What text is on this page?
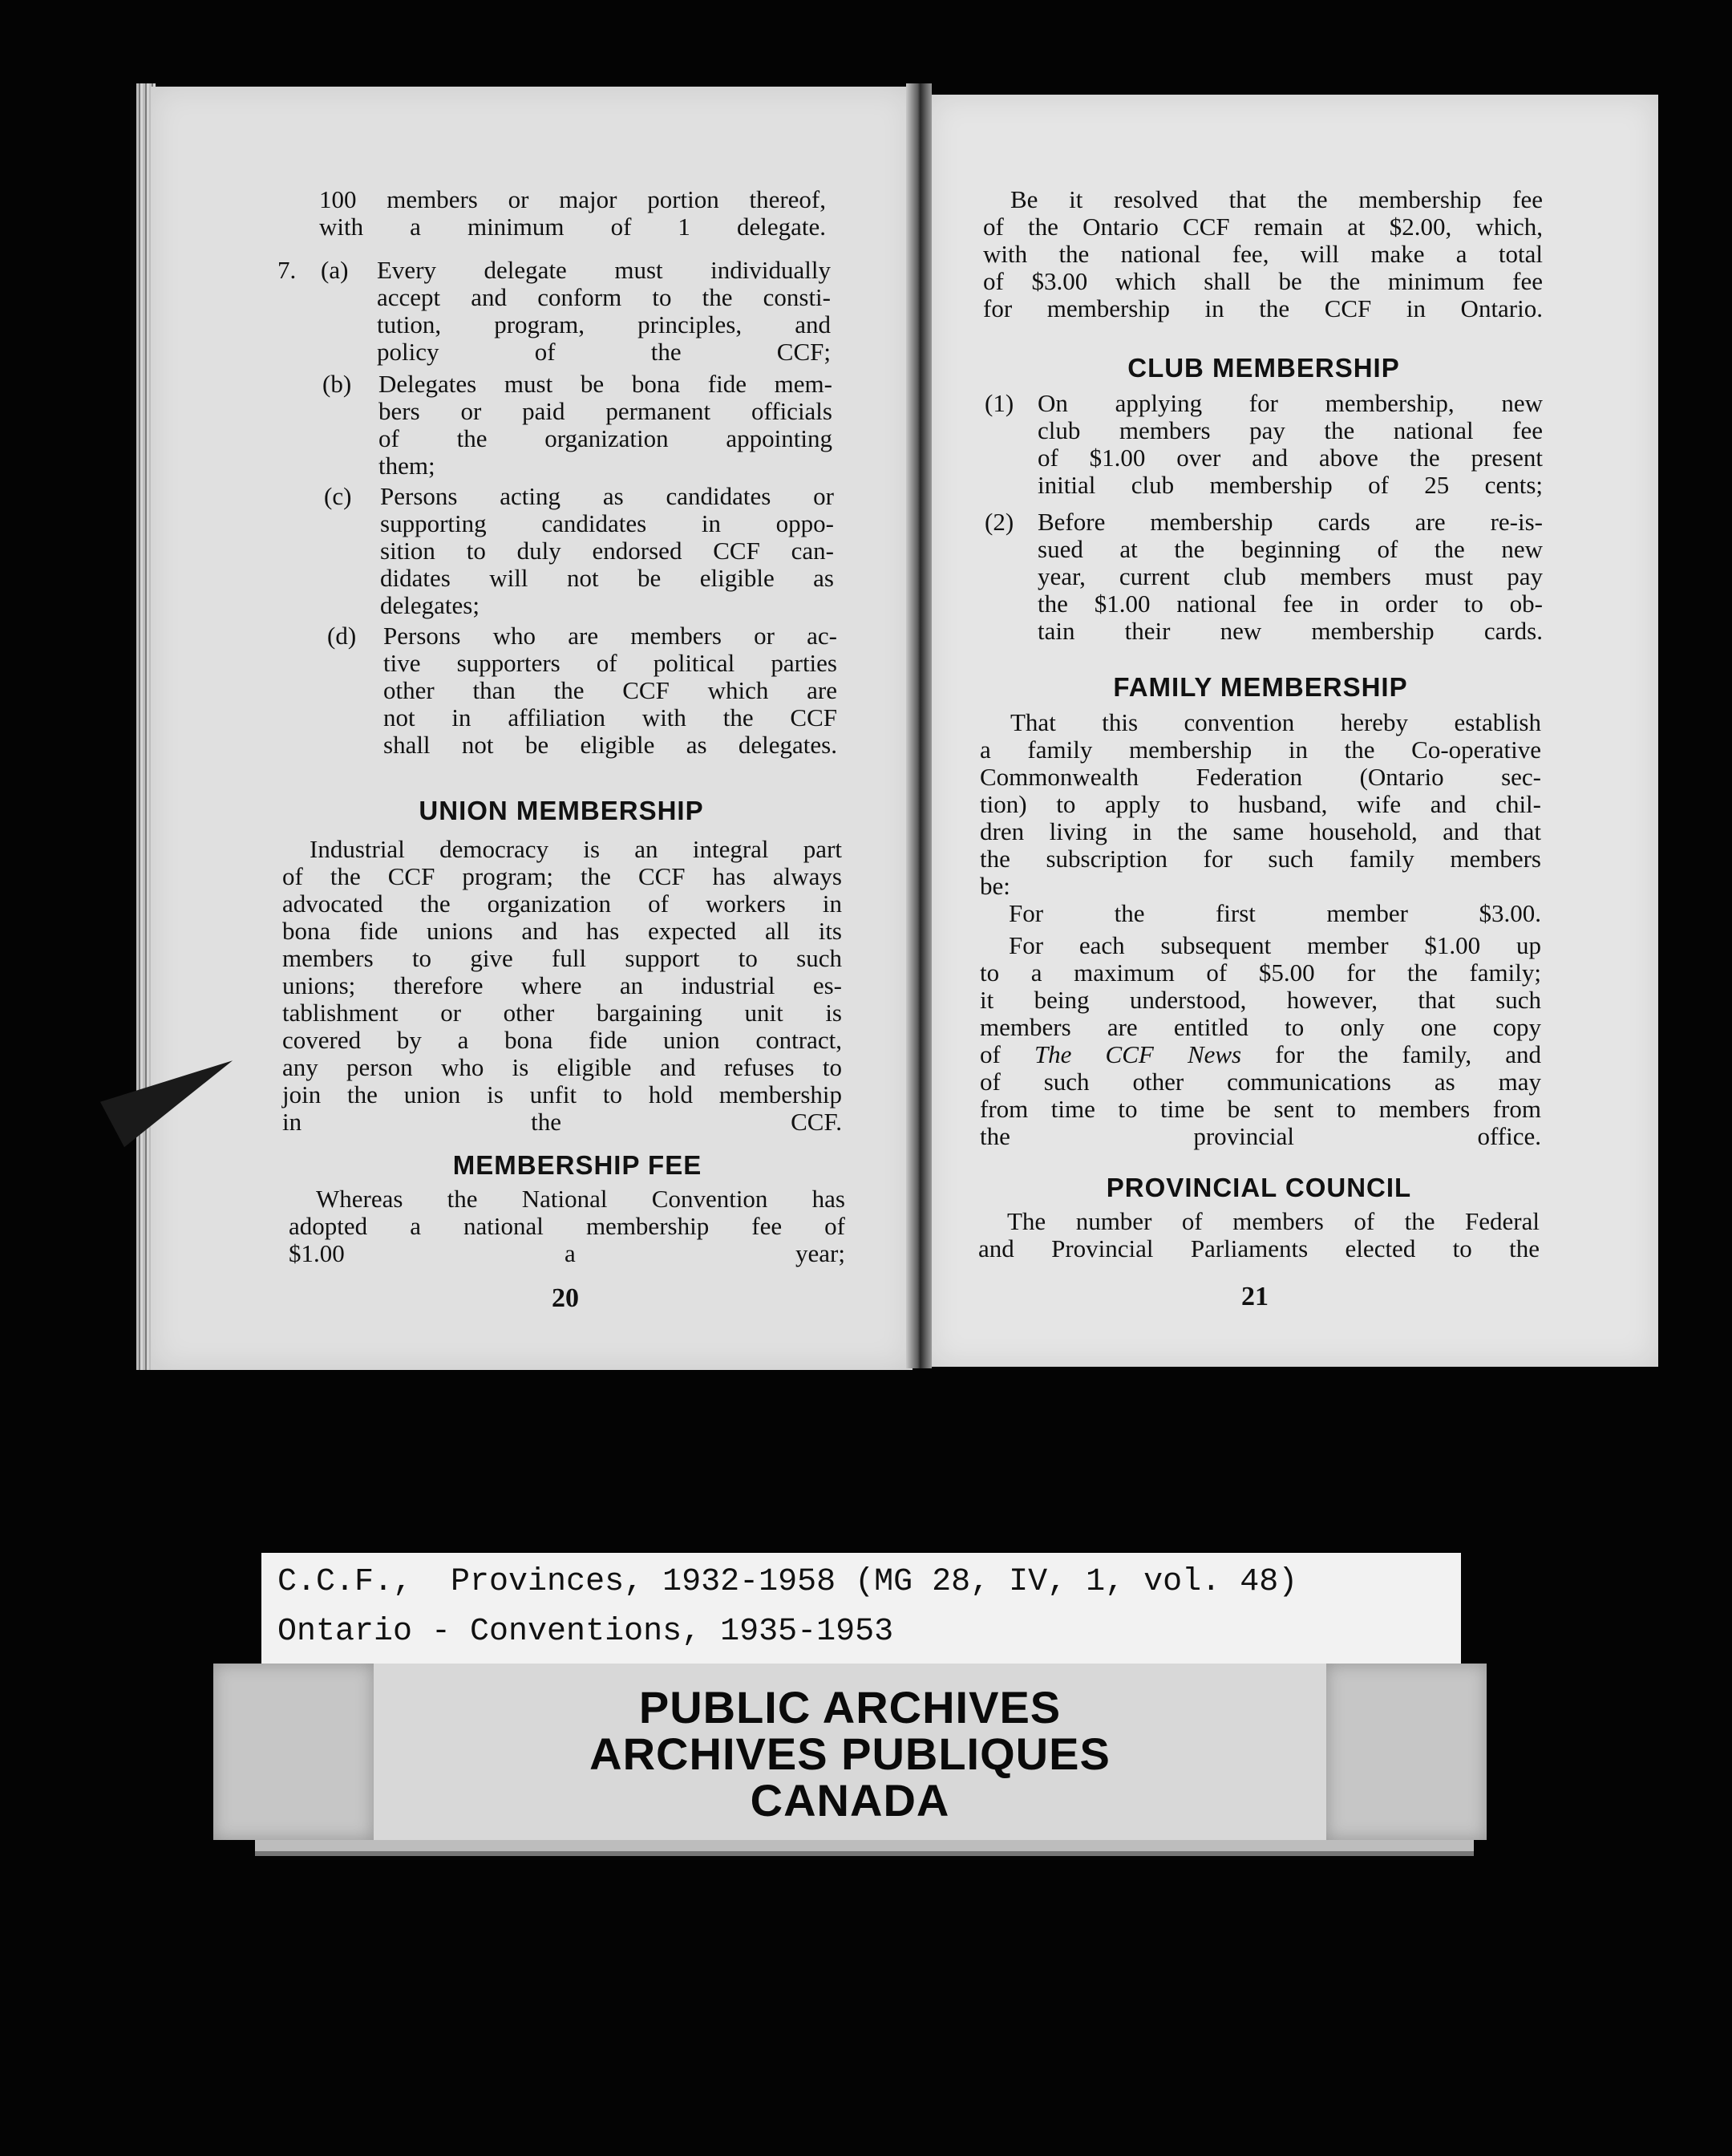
100 members or major portion thereof,
with a minimum of 1 delegate.
7. (a)	Every delegate must individually
accept and conform to the consti-
tution, program, principles, and
policy of the CCF;
(b)	Delegates must be bona fide mem-
bers or paid permanent officials
of the organization appointing
them;
(c)	Persons acting as candidates or
supporting candidates in oppo-
sition to duly endorsed CCF can-
didates will not be eligible as
delegates;
(d)	Persons who are members or ac-
tive supporters of political parties
other than the CCF which are
not in affiliation with the CCF
shall not be eligible as delegates.
UNION MEMBERSHIP
Industrial democracy is an integral part
of the CCF program; the CCF has always
advocated the organization of workers in
bona fide unions and has expected all its
members to give full support to such
unions; therefore where an industrial es-
tablishment or other bargaining unit is
covered by a bona fide union contract,
any person who is eligible and refuses to
join the union is unfit to hold membership
in the CCF.
MEMBERSHIP FEE
Whereas the National Convention has
adopted a national membership fee of
$1.00 a year;
20
Be it resolved that the membership fee
of the Ontario CCF remain at $2.00, which,
with the national fee, will make a total
of $3.00 which shall be the minimum fee
for membership in the CCF in Ontario.
CLUB MEMBERSHIP
(1) On applying for membership, new
club members pay the national fee
of $1.00 over and above the present
initial club membership of 25 cents;
(2) Before membership cards are re-is-
sued at the beginning of the new
year, current club members must pay
the $1.00 national fee in order to ob-
tain their new membership cards.
FAMILY MEMBERSHIP
That this convention hereby establish
a family membership in the Co-operative
Commonwealth Federation (Ontario sec-
tion) to apply to husband, wife and chil-
dren living in the same household, and that
the subscription for such family members
be:
For the first member $3.00.
For each subsequent member $1.00 up
to a maximum of $5.00 for the family;
it being understood, however, that such
members are entitled to only one copy
of The CCF News for the family, and
of such other communications as may
from time to time be sent to members from
the provincial office.
PROVINCIAL COUNCIL
The number of members of the Federal
and Provincial Parliaments elected to the
21
C.C.F.,  Provinces, 1932-1958 (MG 28, IV, 1, vol. 48)
Ontario - Conventions, 1935-1953
PUBLIC ARCHIVES
ARCHIVES PUBLIQUES
CANADA
